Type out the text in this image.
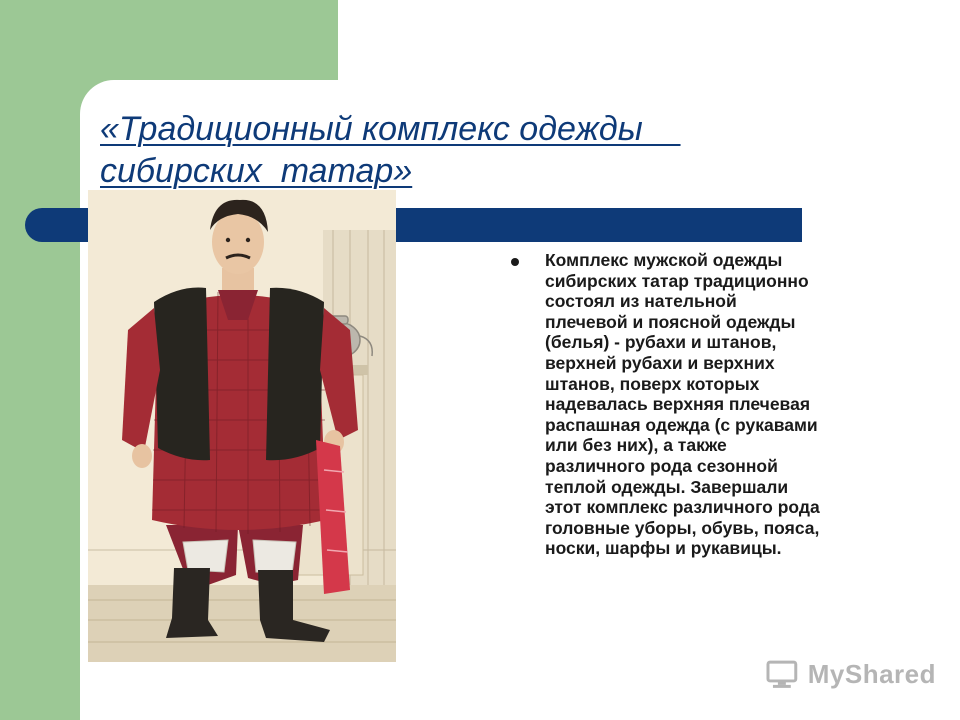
«Традиционный комплекс одежды
сибирских  татар»
Комплекс мужской одежды
сибирских татар традиционно
состоял из нательной
плечевой и поясной одежды
(белья) - рубахи и штанов,
верхней рубахи и верхних
штанов, поверх которых
надевалась верхняя плечевая
распашная одежда (с рукавами
или без них), а также
различного рода сезонной
теплой одежды. Завершали
этот комплекс различного рода
головные уборы, обувь, пояса,
носки, шарфы и рукавицы.
MyShared
